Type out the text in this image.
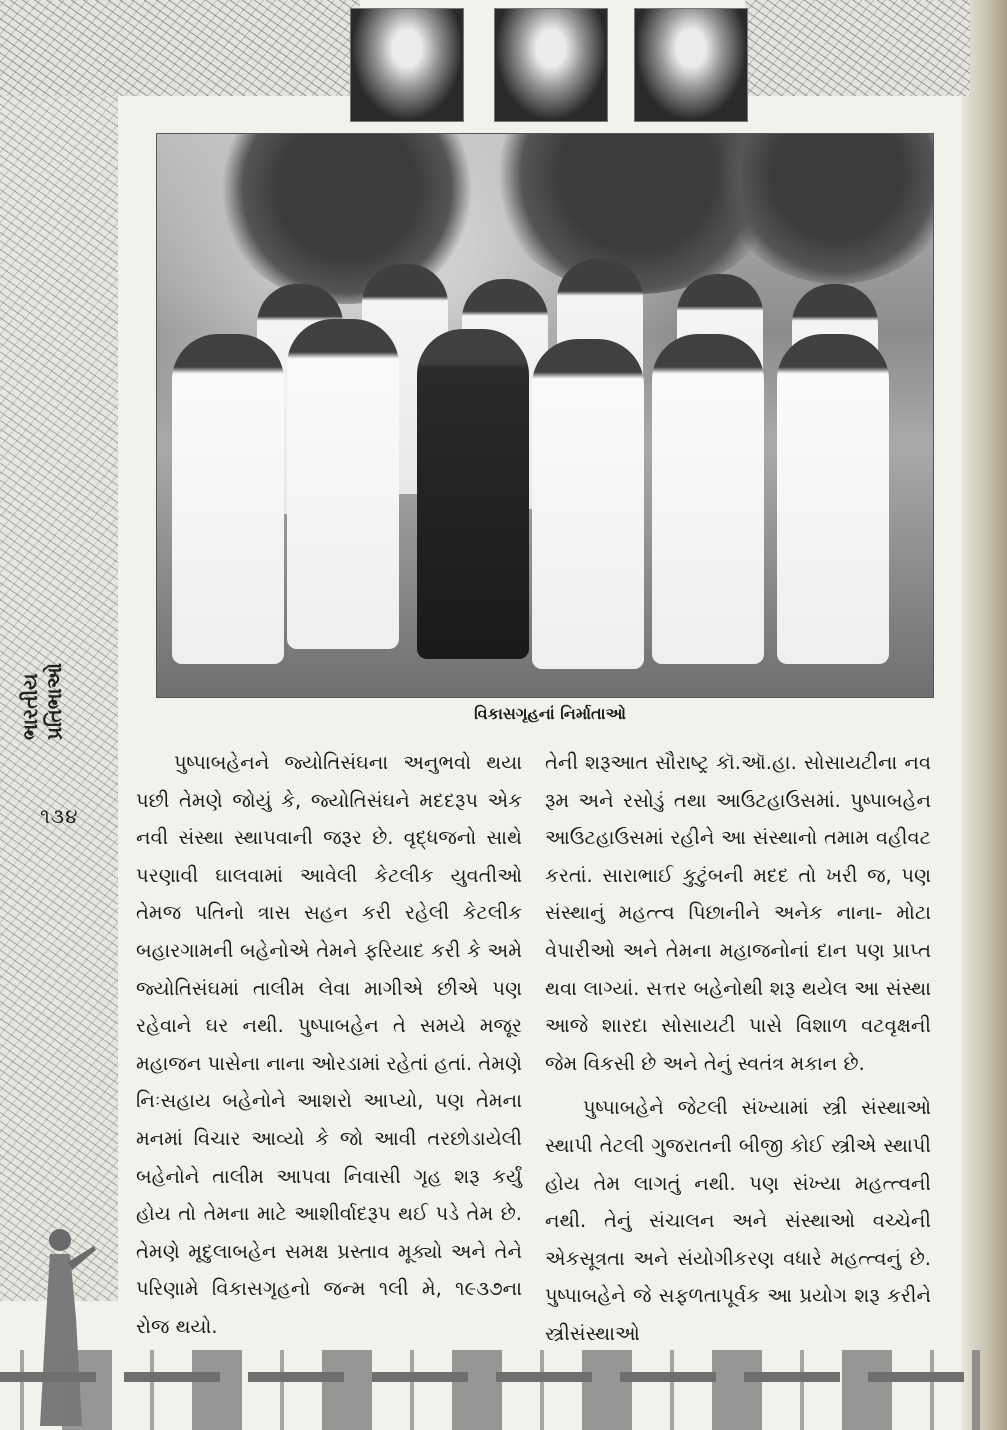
વિકાસગૃહનાં નિર્માતાઓ

પુષ્પાબહેનને જ્યોતિસંઘના અનુભવો થયા પછી તેમણે જોયું કે, જ્યોતિસંઘને મદદરૂપ એક નવી સંસ્થા સ્થાપવાની જરૂર છે. વૃદ્ધજનો સાથે પરણાવી ઘાલવામાં આવેલી કેટલીક યુવતીઓ તેમજ પતિનો ત્રાસ સહન કરી રહેલી કેટલીક બહારગામની બહેનોએ તેમને ફરિયાદ કરી કે અમે જ્યોતિસંઘમાં તાલીમ લેવા માગીએ છીએ પણ રહેવાને ઘર નથી. પુષ્પાબહેન તે સમયે મજૂર મહાજન પાસેના નાના ઓરડામાં રહેતાં હતાં. તેમણે નિઃસહાય બહેનોને આશરો આપ્યો, પણ તેમના મનમાં વિચાર આવ્યો કે જો આવી તરછોડાયેલી બહેનોને તાલીમ આપવા નિવાસી ગૃહ શરૂ કર્યું હોય તો તેમના માટે આશીર્વાદરૂપ થઈ પડે તેમ છે. તેમણે મૃદુલાબહેન સમક્ષ પ્રસ્તાવ મૂક્યો અને તેને પરિણામે વિકાસગૃહનો જન્મ ૧લી મે, ૧૯૩૭ના રોજ થયો.

તેની શરૂઆત સૌરાષ્ટ્ર કૉ.ઑ.હા. સોસાયટીના નવ રૂમ અને રસોડું તથા આઉટહાઉસમાં. પુષ્પાબહેન આઉટહાઉસમાં રહીને આ સંસ્થાનો તમામ વહીવટ કરતાં. સારાભાઈ કુટુંબની મદદ તો ખરી જ, પણ સંસ્થાનું મહત્ત્વ પિછાનીને અનેક નાના- મોટા વેપારીઓ અને તેમના મહાજનોનાં દાન પણ પ્રાપ્ત થવા લાગ્યાં. સત્તર બહેનોથી શરૂ થયેલ આ સંસ્થા આજે શારદા સોસાયટી પાસે વિશાળ વટવૃક્ષની જેમ વિકસી છે અને તેનું સ્વતંત્ર મકાન છે.

પુષ્પાબહેને જેટલી સંખ્યામાં સ્ત્રી સંસ્થાઓ સ્થાપી તેટલી ગુજરાતની બીજી કોઈ સ્ત્રીએ સ્થાપી હોય તેમ લાગતું નથી. પણ સંખ્યા મહત્ત્વની નથી. તેનું સંચાલન અને સંસ્થાઓ વચ્ચેની એકસૂત્રતા અને સંયોગીકરણ વધારે મહત્ત્વનું છે. પુષ્પાબહેને જે સફળતાપૂર્વક આ પ્રયોગ શરૂ કરીને સ્ત્રીસંસ્થાઓ

ભારતીય પ્રતિભાઓ
૧૩૪
